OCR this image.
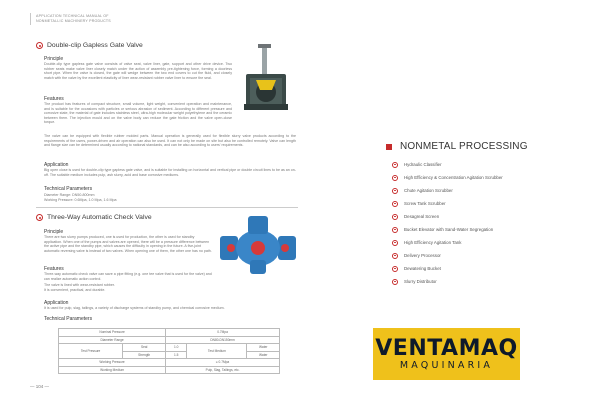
APPLICATION TECHNICAL MANUAL OF
NONMETALLIC MACHINERY PRODUCTS
Double-clip Gapless Gate Valve
Principle
Double-clip type gapless gate valve consists of valve seat, valve liner, gate, support and other drive device. Two rubber seats make valve liner closely match under the action of assembly pre-tightening force, forming a doorless short pipe. When the valve is closed, the gate will wedge between the two end covers to cut the fluid, and closely match with the valve by the excellent elasticity of liner wear-resistant rubber valve liner to ensure the seal.
Features
The product has features of compact structure, small volume, light weight, convenient operation and maintenance, and is suitable for the occasions with particles or serious abrasion of sediment. According to different pressure and corrosive state, the material of gate includes stainless steel, ultra-high molecular weight polyethylene and the ceramic between them. The injection mould and on the valve body can reduce the gate friction and the valve open-close torque.
The valve can be equipped with flexible rubber molded parts. Manual operation is generally used for flexible slurry valve products according to the requirements of the users, power-driven and air operation can also be used. It can not only be made on site but also be controlled remotely. Valve can length and flange size can be determined usually according to national standards, and can be also according to users' requirements.
Application
Big open close is used for double-clip type gapless gate valve, and is suitable for installing on horizontal and vertical pipe or double circuit lines to be as an on-off. The suitable medium includes pulp, ash slurry, acid and base corrosive mediums.
Technical Parameters
Diameter Range: DN50-800mm
Working Pressure: 0.6Mpa, 1.0 Mpa, 1.6 Mpa
Three-Way Automatic Check Valve
Principle
There are two slurry pumps produced, one is used for production, the other is used for standby application. When one of the pumps and valves are opened, there will be a pressure difference between the active pipe and the standby pipe, which causes the difficulty in opening in the future. A five-joint automatic reversing valve is instead of two valves. When opening one of them, the other one has no path.
Features
Three-way automatic check valve can save a pipe fitting (e.g. one tee valve that is used for the valve) and can realize automatic action control.
The valve is lined with wear-resistant rubber.
It is convenient, practical, and durable.
Application
It is used for pulp, slag, tailings, a variety of discharge systems of standby pump, and chemical corrosive medium.
Technical Parameters
Nominal Pressure		0.7Mpa		
Diameter Range		DN80-DN150mm		
Test Pressure	Seal	1.0	Test Medium	Water
	Strength	1.5		Water
Working Pressure		≤ 0.7Mpa		
Working Medium		Pulp, Slag, Tailings, etc.		
— 104 —
NONMETAL PROCESSING
Hydraulic Classifier
High Efficiency & Concentration Agitation Scrubber
Chute Agitation Scrubber
Screw Tank Scrubber
Desagreal Screen
Bucket Elevator with Sand-Water Segregation
High Efficiency Agitation Tank
Delivery Processor
Dewatering Bucket
Slurry Distributor
VENTAMAQ
MAQUINARIA
